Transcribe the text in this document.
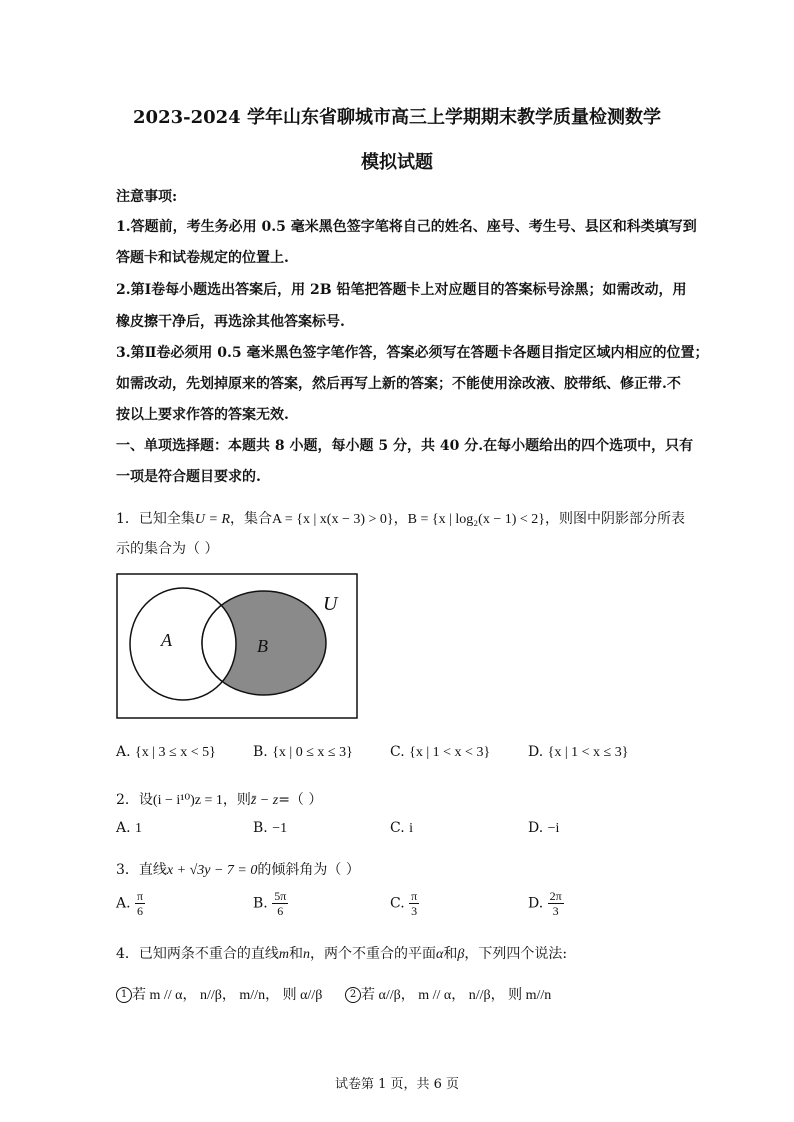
2023-2024 学年山东省聊城市高三上学期期末教学质量检测数学
模拟试题
注意事项:
1.答题前，考生务必用 0.5 毫米黑色签字笔将自己的姓名、座号、考生号、县区和科类填写到
答题卡和试卷规定的位置上.
2.第Ⅰ卷每小题选出答案后，用 2B 铅笔把答题卡上对应题目的答案标号涂黑；如需改动，用
橡皮擦干净后，再选涂其他答案标号.
3.第Ⅱ卷必须用 0.5 毫米黑色签字笔作答，答案必须写在答题卡各题目指定区域内相应的位置；
如需改动，先划掉原来的答案，然后再写上新的答案；不能使用涂改液、胶带纸、修正带.不
按以上要求作答的答案无效.
一、单项选择题：本题共 8 小题，每小题 5 分，共 40 分.在每小题给出的四个选项中，只有
一项是符合题目要求的.
1．已知全集U = R，集合A = {x | x(x − 3) > 0}，B = {x | log₂(x − 1) < 2}，则图中阴影部分所表
示的集合为（ ）
U
A	B
A. {x | 3 ≤ x < 5}	B. {x | 0 ≤ x ≤ 3}	C. {x | 1 < x < 3}	D. {x | 1 < x ≤ 3}
2．设(i − i¹⁰)z = 1，则z̄ − z=（ ）
A. 1	B. −1	C. i	D. −i
3．直线x + √3y − 7 = 0的倾斜角为（ ）
A. $\frac{\pi}{6}$	B. $\frac{5\pi}{6}$	C. $\frac{\pi}{3}$	D. $\frac{2\pi}{3}$
4．已知两条不重合的直线m和n，两个不重合的平面α和β，下列四个说法:
1 若 m // α， n//β， m//n， 则 α//β	2 若 α//β， m // α， n//β， 则 m//n
试卷第 1 页，共 6 页
